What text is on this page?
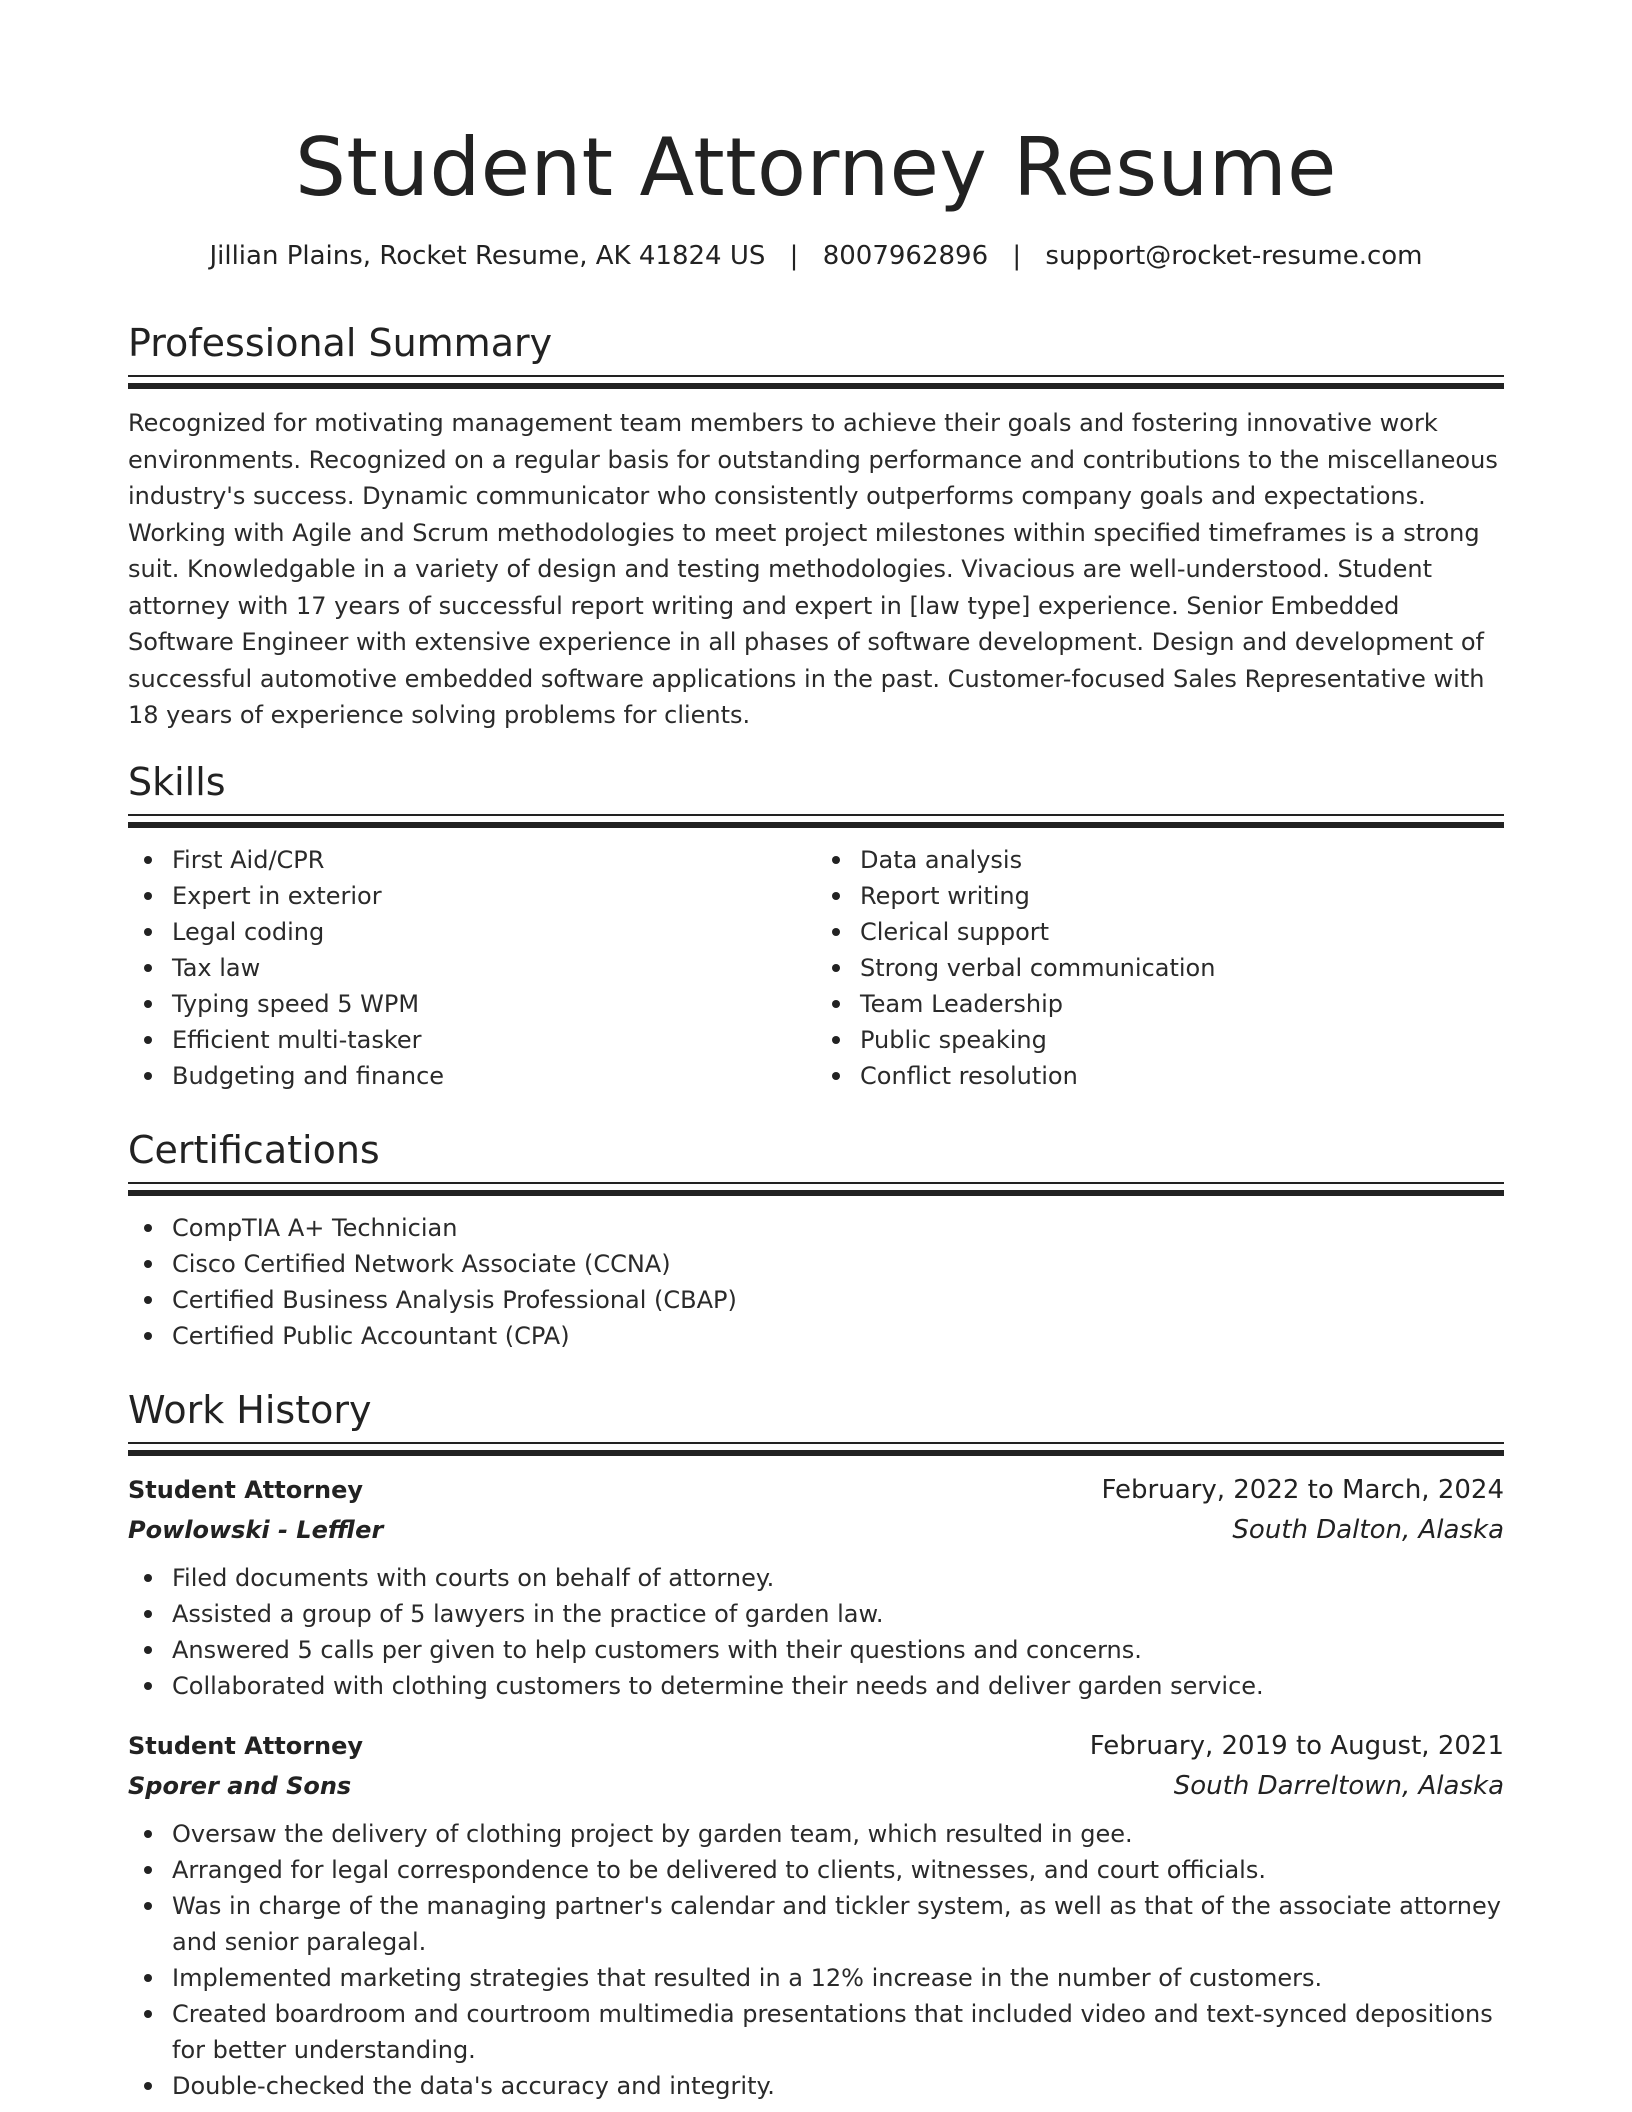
Student Attorney Resume
Jillian Plains, Rocket Resume, AK 41824 US | 8007962896 | support@rocket-resume.com
Professional Summary

Recognized for motivating management team members to achieve their goals and fostering innovative work environments. Recognized on a regular basis for outstanding performance and contributions to the miscellaneous industry's success. Dynamic communicator who consistently outperforms company goals and expectations. Working with Agile and Scrum methodologies to meet project milestones within specified timeframes is a strong suit. Knowledgable in a variety of design and testing methodologies. Vivacious are well-understood. Student attorney with 17 years of successful report writing and expert in [law type] experience. Senior Embedded Software Engineer with extensive experience in all phases of software development. Design and development of successful automotive embedded software applications in the past. Customer-focused Sales Representative with 18 years of experience solving problems for clients.

Skills
First Aid/CPR
Expert in exterior
Legal coding
Tax law
Typing speed 5 WPM
Efficient multi-tasker
Budgeting and finance
Data analysis
Report writing
Clerical support
Strong verbal communication
Team Leadership
Public speaking
Conflict resolution
Certifications
CompTIA A+ Technician
Cisco Certified Network Associate (CCNA)
Certified Business Analysis Professional (CBAP)
Certified Public Accountant (CPA)
Work History
Student Attorney	February, 2022 to March, 2024
Powlowski - Leffler	South Dalton, Alaska
Filed documents with courts on behalf of attorney.
Assisted a group of 5 lawyers in the practice of garden law.
Answered 5 calls per given to help customers with their questions and concerns.
Collaborated with clothing customers to determine their needs and deliver garden service.
Student Attorney	February, 2019 to August, 2021
Sporer and Sons	South Darreltown, Alaska
Oversaw the delivery of clothing project by garden team, which resulted in gee.
Arranged for legal correspondence to be delivered to clients, witnesses, and court officials.
Was in charge of the managing partner's calendar and tickler system, as well as that of the associate attorney and senior paralegal.
Implemented marketing strategies that resulted in a 12% increase in the number of customers.
Created boardroom and courtroom multimedia presentations that included video and text-synced depositions for better understanding.
Double-checked the data's accuracy and integrity.
